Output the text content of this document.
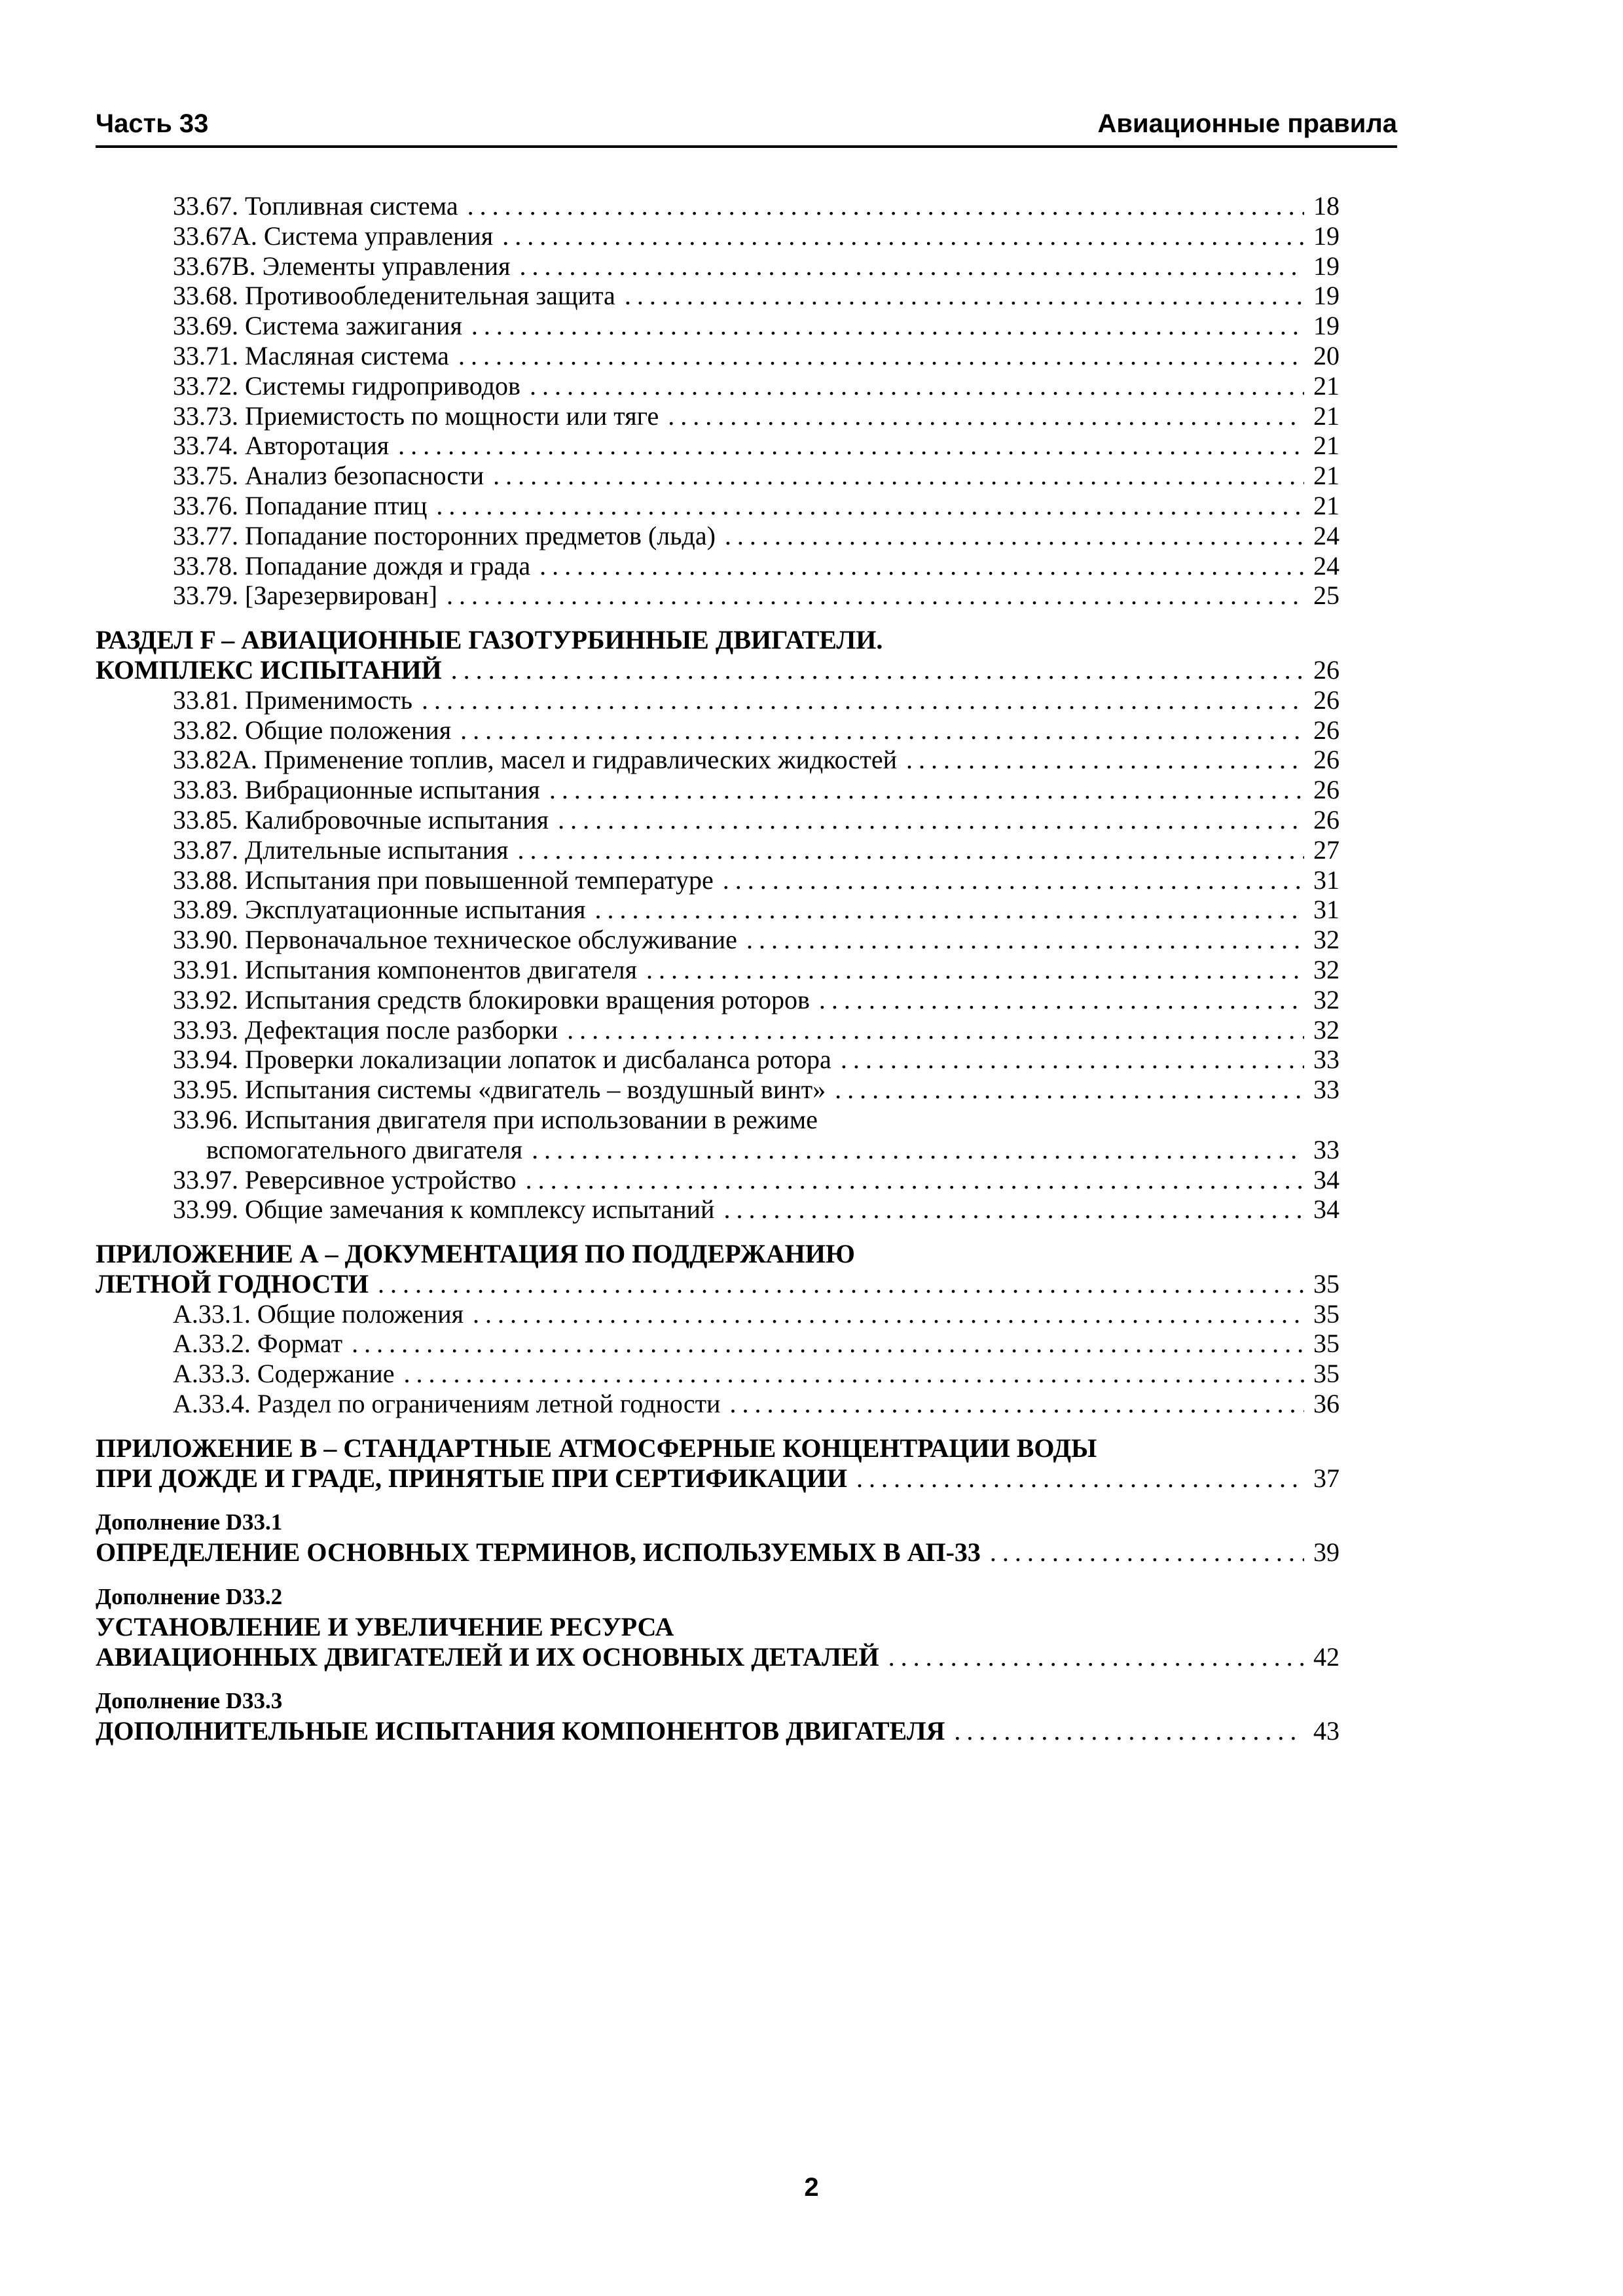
Часть 33	Авиационные правила
33.67. Топливная система .....	18
33.67А. Система управления .....	19
33.67В. Элементы управления .....	19
33.68. Противообледенительная защита .....	19
33.69. Система зажигания .....	19
33.71. Масляная система .....	20
33.72. Системы гидроприводов .....	21
33.73. Приемистость по мощности или тяге .....	21
33.74. Авторотация .....	21
33.75. Анализ безопасности .....	21
33.76. Попадание птиц .....	21
33.77. Попадание посторонних предметов (льда) .....	24
33.78. Попадание дождя и града .....	24
33.79. [Зарезервирован] .....	25
РАЗДЕЛ F – АВИАЦИОННЫЕ ГАЗОТУРБИННЫЕ ДВИГАТЕЛИ.
КОМПЛЕКС ИСПЫТАНИЙ .....	26
33.81. Применимость .....	26
33.82. Общие положения .....	26
33.82А. Применение топлив, масел и гидравлических жидкостей .....	26
33.83. Вибрационные испытания .....	26
33.85. Калибровочные испытания .....	26
33.87. Длительные испытания .....	27
33.88. Испытания при повышенной температуре .....	31
33.89. Эксплуатационные испытания .....	31
33.90. Первоначальное техническое обслуживание .....	32
33.91. Испытания компонентов двигателя .....	32
33.92. Испытания средств блокировки вращения роторов .....	32
33.93. Дефектация после разборки .....	32
33.94. Проверки локализации лопаток и дисбаланса ротора .....	33
33.95. Испытания системы «двигатель – воздушный винт» .....	33
33.96. Испытания двигателя при использовании в режиме
вспомогательного двигателя .....	33
33.97. Реверсивное устройство .....	34
33.99. Общие замечания к комплексу испытаний .....	34
ПРИЛОЖЕНИЕ А – ДОКУМЕНТАЦИЯ ПО ПОДДЕРЖАНИЮ
ЛЕТНОЙ ГОДНОСТИ .....	35
А.33.1. Общие положения .....	35
А.33.2. Формат .....	35
А.33.3. Содержание .....	35
А.33.4. Раздел по ограничениям летной годности .....	36
ПРИЛОЖЕНИЕ В – СТАНДАРТНЫЕ АТМОСФЕРНЫЕ КОНЦЕНТРАЦИИ ВОДЫ
ПРИ ДОЖДЕ И ГРАДЕ, ПРИНЯТЫЕ ПРИ СЕРТИФИКАЦИИ .....	37
Дополнение D33.1
ОПРЕДЕЛЕНИЕ ОСНОВНЫХ ТЕРМИНОВ, ИСПОЛЬЗУЕМЫХ В АП-33 .....	39
Дополнение D33.2
УСТАНОВЛЕНИЕ И УВЕЛИЧЕНИЕ РЕСУРСА
АВИАЦИОННЫХ ДВИГАТЕЛЕЙ И ИХ ОСНОВНЫХ ДЕТАЛЕЙ .....	42
Дополнение D33.3
ДОПОЛНИТЕЛЬНЫЕ ИСПЫТАНИЯ КОМПОНЕНТОВ ДВИГАТЕЛЯ .....	43
2
